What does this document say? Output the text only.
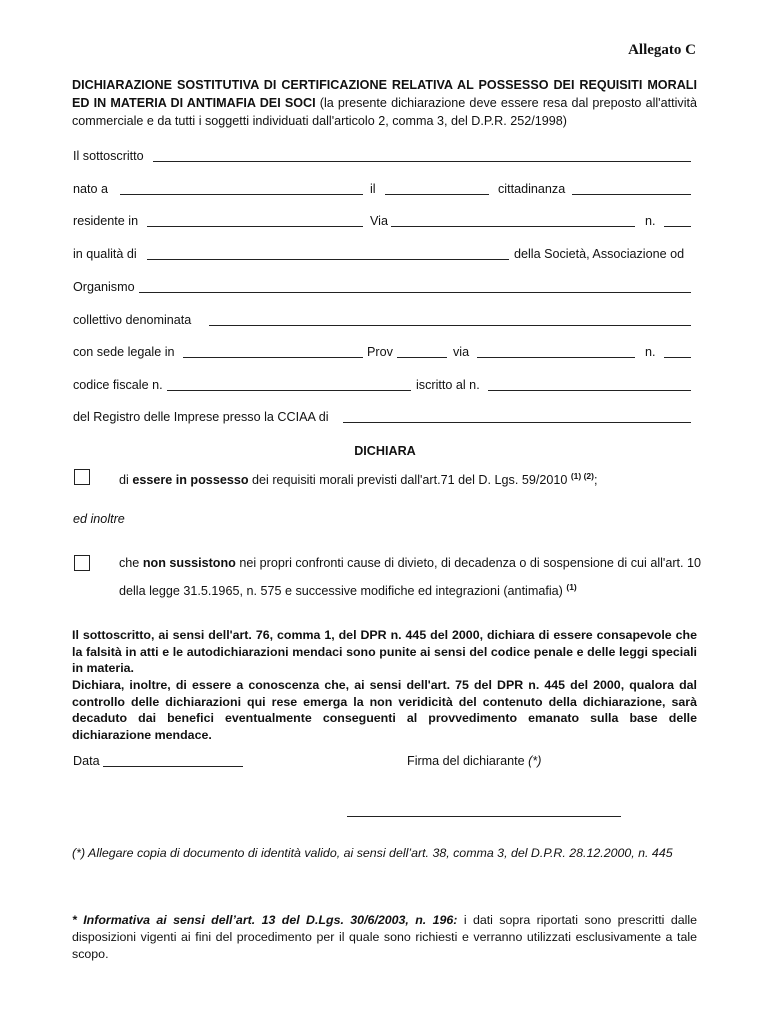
Allegato C
DICHIARAZIONE SOSTITUTIVA DI CERTIFICAZIONE RELATIVA AL POSSESSO DEI REQUISITI MORALI ED IN MATERIA DI ANTIMAFIA DEI SOCI (la presente dichiarazione deve essere resa dal preposto all'attività commerciale e da tutti i soggetti individuati dall'articolo 2, comma 3, del D.P.R. 252/1998)
Il sottoscritto
nato a	il	cittadinanza
residente in	Via	n.
in qualità di	della Società, Associazione od
Organismo
collettivo denominata
con sede legale in	Prov	via	n.
codice fiscale n.	iscritto al n.
del Registro delle Imprese presso la CCIAA di
DICHIARA
di essere in possesso dei requisiti morali previsti dall'art.71 del D. Lgs. 59/2010 $^{(1) (2)}$;
ed inoltre
che non sussistono nei propri confronti cause di divieto, di decadenza o di sospensione di cui all'art. 10 della legge 31.5.1965, n. 575 e successive modifiche ed integrazioni (antimafia) $^{(1)}$
Il sottoscritto, ai sensi dell'art. 76, comma 1, del DPR n. 445 del 2000, dichiara di essere consapevole che la falsità in atti e le autodichiarazioni mendaci sono punite ai sensi del codice penale e delle leggi speciali in materia.
Dichiara, inoltre, di essere a conoscenza che, ai sensi dell'art. 75 del DPR n. 445 del 2000, qualora dal controllo delle dichiarazioni qui rese emerga la non veridicità del contenuto della dichiarazione, sarà decaduto dai benefici eventualmente conseguenti al provvedimento emanato sulla base delle dichiarazione mendace.
Data	Firma del dichiarante (*)
(*) Allegare copia di documento di identità valido, ai sensi dell’art. 38, comma 3, del D.P.R. 28.12.2000, n. 445
* Informativa ai sensi dell’art. 13 del D.Lgs. 30/6/2003, n. 196: i dati sopra riportati sono prescritti dalle disposizioni vigenti ai fini del procedimento per il quale sono richiesti e verranno utilizzati esclusivamente a tale scopo.
